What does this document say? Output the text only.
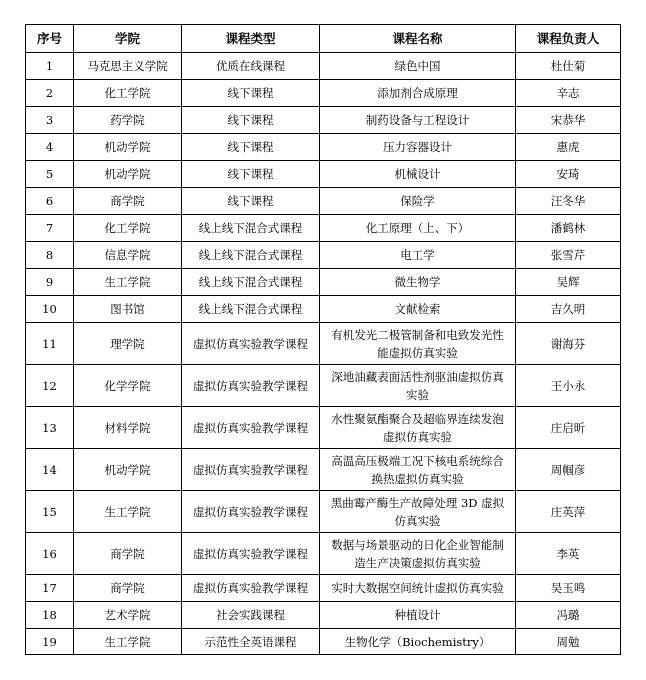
序号	学院	课程类型	课程名称	课程负责人
1	马克思主义学院	优质在线课程	绿色中国	杜仕菊
2	化工学院	线下课程	添加剂合成原理	辛志
3	药学院	线下课程	制药设备与工程设计	宋恭华
4	机动学院	线下课程	压力容器设计	惠虎
5	机动学院	线下课程	机械设计	安琦
6	商学院	线下课程	保险学	汪冬华
7	化工学院	线上线下混合式课程	化工原理（上、下）	潘鹤林
8	信息学院	线上线下混合式课程	电工学	张雪芹
9	生工学院	线上线下混合式课程	微生物学	吴辉
10	图书馆	线上线下混合式课程	文献检索	吉久明
11	理学院	虚拟仿真实验教学课程	有机发光二极管制备和电致发光性能虚拟仿真实验	谢海芬
12	化学学院	虚拟仿真实验教学课程	深地油藏表面活性剂驱油虚拟仿真实验	王小永
13	材料学院	虚拟仿真实验教学课程	水性聚氨酯聚合及超临界连续发泡虚拟仿真实验	庄启昕
14	机动学院	虚拟仿真实验教学课程	高温高压极端工况下核电系统综合换热虚拟仿真实验	周帼彦
15	生工学院	虚拟仿真实验教学课程	黑曲霉产酶生产故障处理 3D 虚拟仿真实验	庄英萍
16	商学院	虚拟仿真实验教学课程	数据与场景驱动的日化企业智能制造生产决策虚拟仿真实验	李英
17	商学院	虚拟仿真实验教学课程	实时大数据空间统计虚拟仿真实验	吴玉鸣
18	艺术学院	社会实践课程	种植设计	冯璐
19	生工学院	示范性全英语课程	生物化学（Biochemistry）	周勉
